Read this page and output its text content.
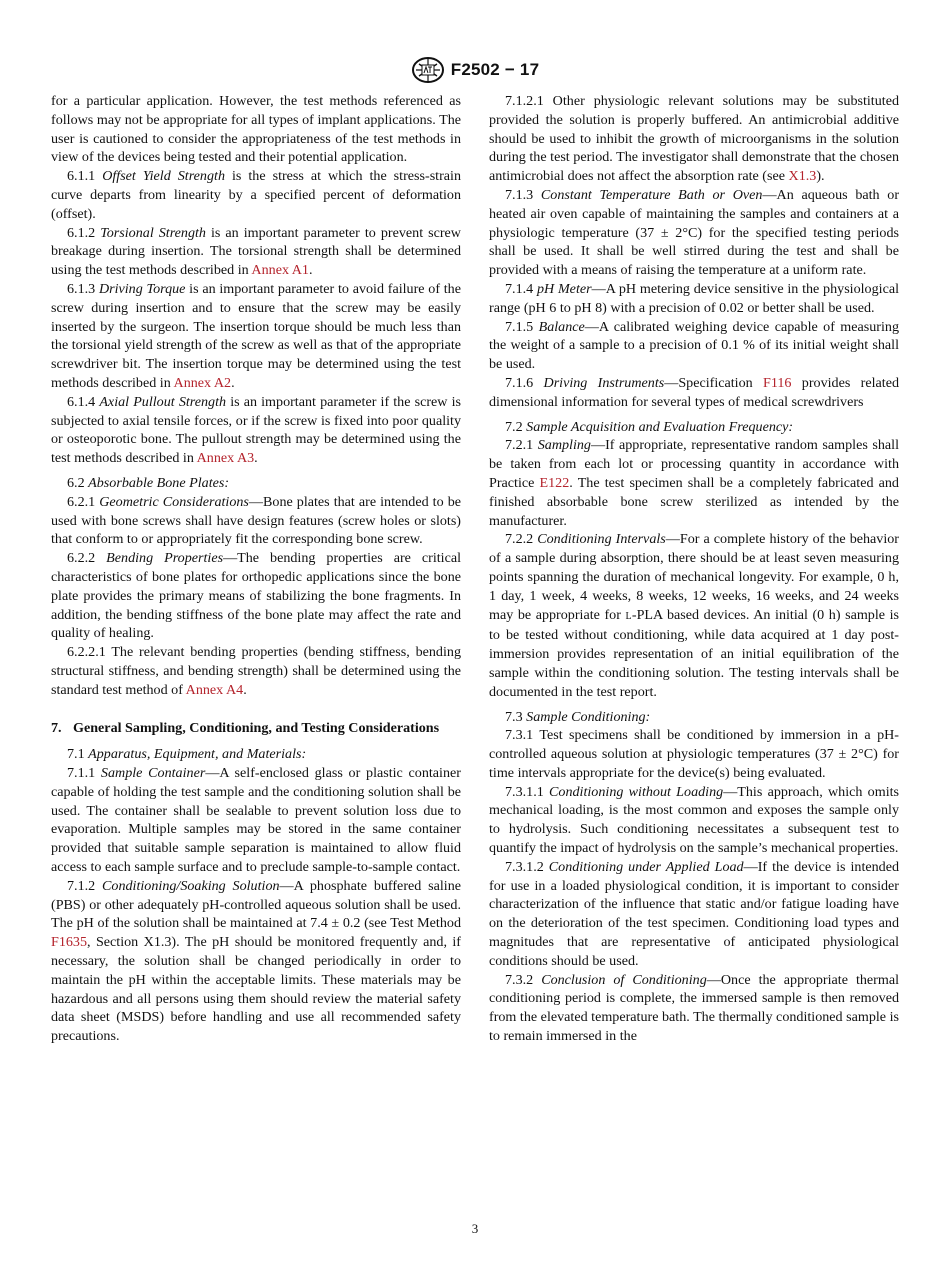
F2502 − 17

for a particular application. However, the test methods referenced as follows may not be appropriate for all types of implant applications. The user is cautioned to consider the appropriateness of the test methods in view of the devices being tested and their potential application.

6.1.1 Offset Yield Strength is the stress at which the stress-strain curve departs from linearity by a specified percent of deformation (offset).

6.1.2 Torsional Strength is an important parameter to prevent screw breakage during insertion. The torsional strength shall be determined using the test methods described in Annex A1.

6.1.3 Driving Torque is an important parameter to avoid failure of the screw during insertion and to ensure that the screw may be easily inserted by the surgeon. The insertion torque should be much less than the torsional yield strength of the screw as well as that of the appropriate screwdriver bit. The insertion torque may be determined using the test methods described in Annex A2.

6.1.4 Axial Pullout Strength is an important parameter if the screw is subjected to axial tensile forces, or if the screw is fixed into poor quality or osteoporotic bone. The pullout strength may be determined using the test methods described in Annex A3.

6.2 Absorbable Bone Plates:

6.2.1 Geometric Considerations—Bone plates that are intended to be used with bone screws shall have design features (screw holes or slots) that conform to or appropriately fit the corresponding bone screw.

6.2.2 Bending Properties—The bending properties are critical characteristics of bone plates for orthopedic applications since the bone plate provides the primary means of stabilizing the bone fragments. In addition, the bending stiffness of the bone plate may affect the rate and quality of healing.

6.2.2.1 The relevant bending properties (bending stiffness, bending structural stiffness, and bending strength) shall be determined using the standard test method of Annex A4.

7. General Sampling, Conditioning, and Testing Considerations

7.1 Apparatus, Equipment, and Materials:

7.1.1 Sample Container—A self-enclosed glass or plastic container capable of holding the test sample and the conditioning solution shall be used. The container shall be sealable to prevent solution loss due to evaporation. Multiple samples may be stored in the same container provided that suitable sample separation is maintained to allow fluid access to each sample surface and to preclude sample-to-sample contact.

7.1.2 Conditioning/Soaking Solution—A phosphate buffered saline (PBS) or other adequately pH-controlled aqueous solution shall be used. The pH of the solution shall be maintained at 7.4 ± 0.2 (see Test Method F1635, Section X1.3). The pH should be monitored frequently and, if necessary, the solution shall be changed periodically in order to maintain the pH within the acceptable limits. These materials may be hazardous and all persons using them should review the material safety data sheet (MSDS) before handling and use all recommended safety precautions.

7.1.2.1 Other physiologic relevant solutions may be substituted provided the solution is properly buffered. An antimicrobial additive should be used to inhibit the growth of microorganisms in the solution during the test period. The investigator shall demonstrate that the chosen antimicrobial does not affect the absorption rate (see X1.3).

7.1.3 Constant Temperature Bath or Oven—An aqueous bath or heated air oven capable of maintaining the samples and containers at a physiologic temperature (37 ± 2°C) for the specified testing periods shall be used. It shall be well stirred during the test and shall be provided with a means of raising the temperature at a uniform rate.

7.1.4 pH Meter—A pH metering device sensitive in the physiological range (pH 6 to pH 8) with a precision of 0.02 or better shall be used.

7.1.5 Balance—A calibrated weighing device capable of measuring the weight of a sample to a precision of 0.1 % of its initial weight shall be used.

7.1.6 Driving Instruments—Specification F116 provides related dimensional information for several types of medical screwdrivers

7.2 Sample Acquisition and Evaluation Frequency:

7.2.1 Sampling—If appropriate, representative random samples shall be taken from each lot or processing quantity in accordance with Practice E122. The test specimen shall be a completely fabricated and finished absorbable bone screw sterilized as intended by the manufacturer.

7.2.2 Conditioning Intervals—For a complete history of the behavior of a sample during absorption, there should be at least seven measuring points spanning the duration of mechanical longevity. For example, 0 h, 1 day, 1 week, 4 weeks, 8 weeks, 12 weeks, 16 weeks, and 24 weeks may be appropriate for L-PLA based devices. An initial (0 h) sample is to be tested without conditioning, while data acquired at 1 day post-immersion provides representation of an initial equilibration of the sample within the conditioning solution. The testing intervals shall be documented in the test report.

7.3 Sample Conditioning:

7.3.1 Test specimens shall be conditioned by immersion in a pH-controlled aqueous solution at physiologic temperatures (37 ± 2°C) for time intervals appropriate for the device(s) being evaluated.

7.3.1.1 Conditioning without Loading—This approach, which omits mechanical loading, is the most common and exposes the sample only to hydrolysis. Such conditioning necessitates a subsequent test to quantify the impact of hydrolysis on the sample’s mechanical properties.

7.3.1.2 Conditioning under Applied Load—If the device is intended for use in a loaded physiological condition, it is important to consider characterization of the influence that static and/or fatigue loading have on the deterioration of the test specimen. Conditioning load types and magnitudes that are representative of anticipated physiological conditions should be used.

7.3.2 Conclusion of Conditioning—Once the appropriate thermal conditioning period is complete, the immersed sample is then removed from the elevated temperature bath. The thermally conditioned sample is to remain immersed in the

3
